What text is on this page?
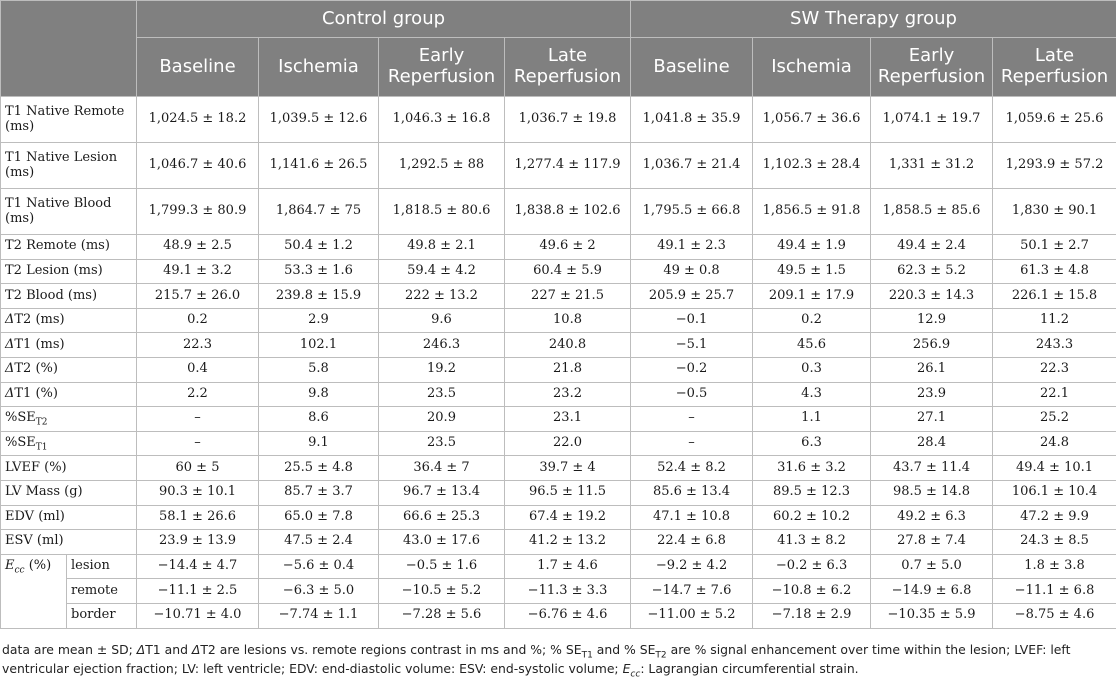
		Control group				SW Therapy group			
		Baseline	Ischemia	Early Reperfusion	Late Reperfusion	Baseline	Ischemia	Early Reperfusion	Late Reperfusion
T1 Native Remote (ms)		1,024.5 ± 18.2	1,039.5 ± 12.6	1,046.3 ± 16.8	1,036.7 ± 19.8	1,041.8 ± 35.9	1,056.7 ± 36.6	1,074.1 ± 19.7	1,059.6 ± 25.6
T1 Native Lesion (ms)		1,046.7 ± 40.6	1,141.6 ± 26.5	1,292.5 ± 88	1,277.4 ± 117.9	1,036.7 ± 21.4	1,102.3 ± 28.4	1,331 ± 31.2	1,293.9 ± 57.2
T1 Native Blood (ms)		1,799.3 ± 80.9	1,864.7 ± 75	1,818.5 ± 80.6	1,838.8 ± 102.6	1,795.5 ± 66.8	1,856.5 ± 91.8	1,858.5 ± 85.6	1,830 ± 90.1
T2 Remote (ms)		48.9 ± 2.5	50.4 ± 1.2	49.8 ± 2.1	49.6 ± 2	49.1 ± 2.3	49.4 ± 1.9	49.4 ± 2.4	50.1 ± 2.7
T2 Lesion (ms)		49.1 ± 3.2	53.3 ± 1.6	59.4 ± 4.2	60.4 ± 5.9	49 ± 0.8	49.5 ± 1.5	62.3 ± 5.2	61.3 ± 4.8
T2 Blood (ms)		215.7 ± 26.0	239.8 ± 15.9	222 ± 13.2	227 ± 21.5	205.9 ± 25.7	209.1 ± 17.9	220.3 ± 14.3	226.1 ± 15.8
ΔT2 (ms)		0.2	2.9	9.6	10.8	−0.1	0.2	12.9	11.2
ΔT1 (ms)		22.3	102.1	246.3	240.8	−5.1	45.6	256.9	243.3
ΔT2 (%)		0.4	5.8	19.2	21.8	−0.2	0.3	26.1	22.3
ΔT1 (%)		2.2	9.8	23.5	23.2	−0.5	4.3	23.9	22.1
$\%SE_{T2}$		–	8.6	20.9	23.1	–	1.1	27.1	25.2
$\%SE_{T1}$		–	9.1	23.5	22.0	–	6.3	28.4	24.8
LVEF (%)		60 ± 5	25.5 ± 4.8	36.4 ± 7	39.7 ± 4	52.4 ± 8.2	31.6 ± 3.2	43.7 ± 11.4	49.4 ± 10.1
LV Mass (g)		90.3 ± 10.1	85.7 ± 3.7	96.7 ± 13.4	96.5 ± 11.5	85.6 ± 13.4	89.5 ± 12.3	98.5 ± 14.8	106.1 ± 10.4
EDV (ml)		58.1 ± 26.6	65.0 ± 7.8	66.6 ± 25.3	67.4 ± 19.2	47.1 ± 10.8	60.2 ± 10.2	49.2 ± 6.3	47.2 ± 9.9
ESV (ml)		23.9 ± 13.9	47.5 ± 2.4	43.0 ± 17.6	41.2 ± 13.2	22.4 ± 6.8	41.3 ± 8.2	27.8 ± 7.4	24.3 ± 8.5
$E_{cc}$ (%)	lesion	−14.4 ± 4.7	−5.6 ± 0.4	−0.5 ± 1.6	1.7 ± 4.6	−9.2 ± 4.2	−0.2 ± 6.3	0.7 ± 5.0	1.8 ± 3.8
	remote	−11.1 ± 2.5	−6.3 ± 5.0	−10.5 ± 5.2	−11.3 ± 3.3	−14.7 ± 7.6	−10.8 ± 6.2	−14.9 ± 6.8	−11.1 ± 6.8
	border	−10.71 ± 4.0	−7.74 ± 1.1	−7.28 ± 5.6	−6.76 ± 4.6	−11.00 ± 5.2	−7.18 ± 2.9	−10.35 ± 5.9	−8.75 ± 4.6

data are mean ± SD; ΔT1 and ΔT2 are lesions vs. remote regions contrast in ms and %; % $SE_{T1}$ and % $SE_{T2}$ are % signal enhancement over time within the lesion; LVEF: left ventricular ejection fraction; LV: left ventricle; EDV: end-diastolic volume: ESV: end-systolic volume; $E_{cc}$: Lagrangian circumferential strain.
